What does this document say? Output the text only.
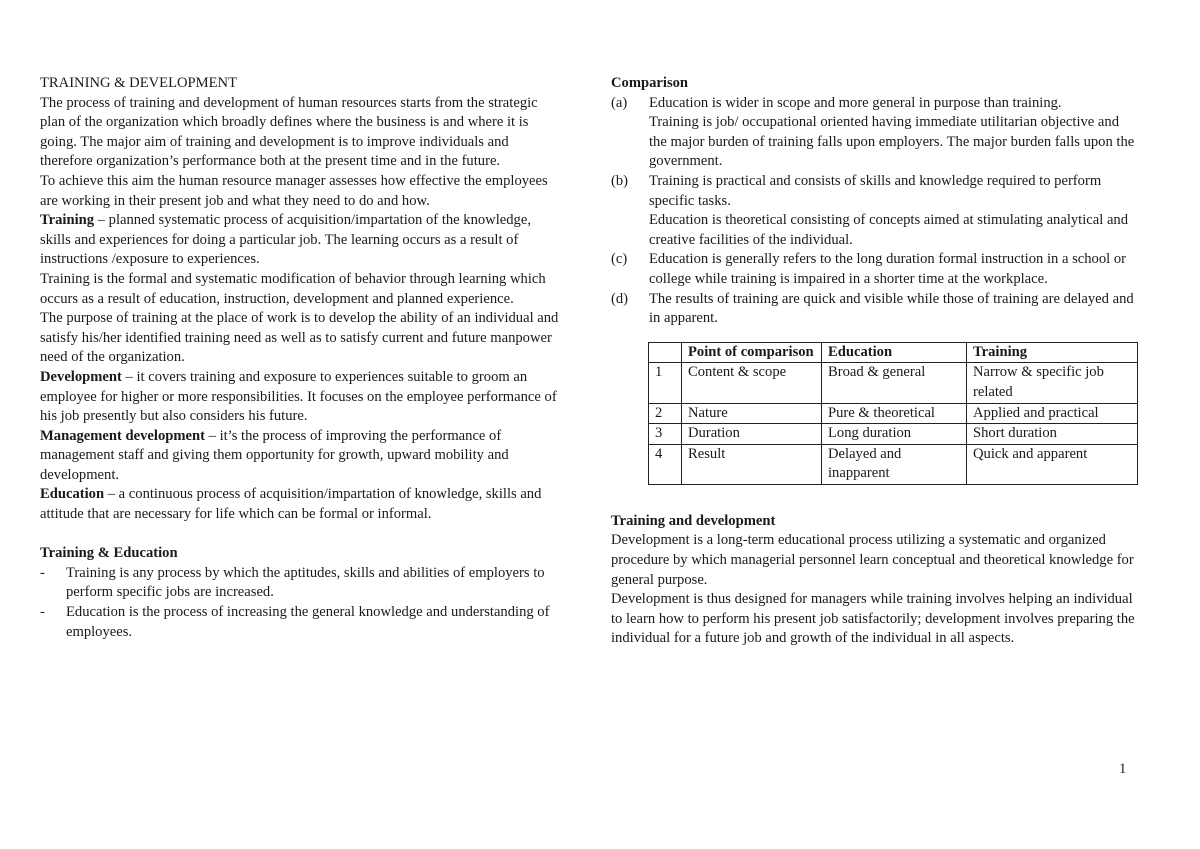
TRAINING & DEVELOPMENT

The process of training and development of human resources starts from the strategic plan of the organization which broadly defines where the business is and where it is going. The major aim of training and development is to improve individuals and therefore organization’s performance both at the present time and in the future.

To achieve this aim the human resource manager assesses how effective the employees are working in their present job and what they need to do and how.

Training – planned systematic process of acquisition/impartation of the knowledge, skills and experiences for doing a particular job. The learning occurs as a result of instructions /exposure to experiences.

Training is the formal and systematic modification of behavior through learning which occurs as a result of education, instruction, development and planned experience.

The purpose of training at the place of work is to develop the ability of an individual and satisfy his/her identified training need as well as to satisfy current and future manpower need of the organization.

Development – it covers training and exposure to experiences suitable to groom an employee for higher or more responsibilities. It focuses on the employee performance of his job presently but also considers his future.

Management development – it’s the process of improving the performance of management staff and giving them opportunity for growth, upward mobility and development.

Education – a continuous process of acquisition/impartation of knowledge, skills and attitude that are necessary for life which can be formal or informal.

Training & Education

- Training is any process by which the aptitudes, skills and abilities of employers to perform specific jobs are increased.
- Education is the process of increasing the general knowledge and understanding of employees.

Comparison

(a) Education is wider in scope and more general in purpose than training.

Training is job/ occupational oriented having immediate utilitarian objective and the major burden of training falls upon employers. The major burden falls upon the government.

(b) Training is practical and consists of skills and knowledge required to perform specific tasks.

Education is theoretical consisting of concepts aimed at stimulating analytical and creative facilities of the individual.

(c) Education is generally refers to the long duration formal instruction in a school or college while training is impaired in a shorter time at the workplace.

(d) The results of training are quick and visible while those of training are delayed and in apparent.

	Point of comparison	Education	Training
1	Content & scope	Broad & general	Narrow & specific job related
2	Nature	Pure & theoretical	Applied and practical
3	Duration	Long duration	Short duration
4	Result	Delayed and inapparent	Quick and apparent

Training and development

Development is a long-term educational process utilizing a systematic and organized procedure by which managerial personnel learn conceptual and theoretical knowledge for general purpose.

Development is thus designed for managers while training involves helping an individual to learn how to perform his present job satisfactorily; development involves preparing the individual for a future job and growth of the individual in all aspects.

1
